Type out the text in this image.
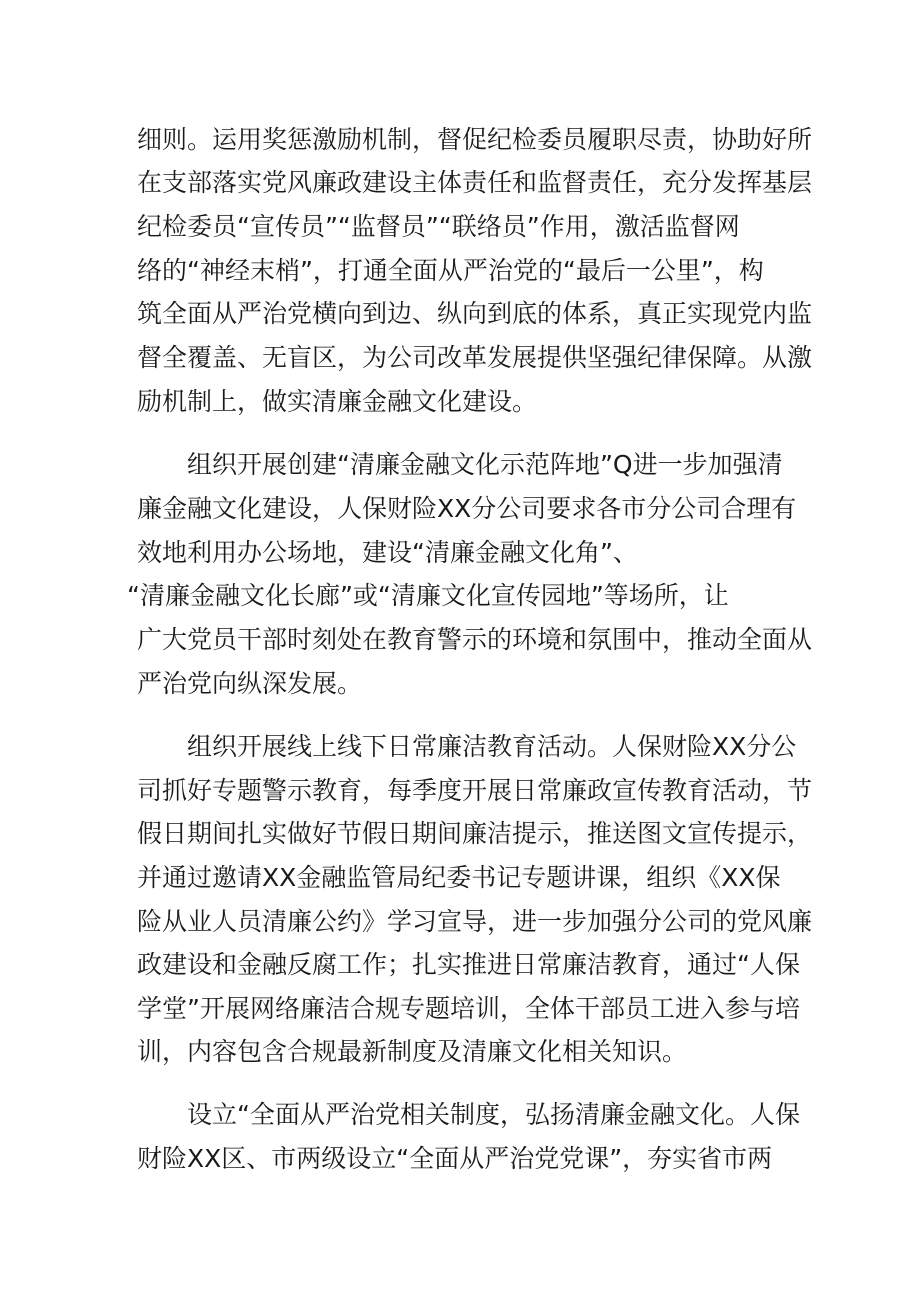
细则。运用奖惩激励机制，督促纪检委员履职尽责，协助好所
在支部落实党风廉政建设主体责任和监督责任，充分发挥基层
纪检委员“宣传员”“监督员”“联络员”作用，激活监督网
络的“神经末梢”，打通全面从严治党的“最后一公里”，构
筑全面从严治党横向到边、纵向到底的体系，真正实现党内监
督全覆盖、无盲区，为公司改革发展提供坚强纪律保障。从激
励机制上，做实清廉金融文化建设。
组织开展创建“清廉金融文化示范阵地”Q进一步加强清
廉金融文化建设，人保财险XX分公司要求各市分公司合理有
效地利用办公场地，建设“清廉金融文化角”、
“清廉金融文化长廊”或“清廉文化宣传园地”等场所，让
广大党员干部时刻处在教育警示的环境和氛围中，推动全面从
严治党向纵深发展。
组织开展线上线下日常廉洁教育活动。人保财险XX分公
司抓好专题警示教育，每季度开展日常廉政宣传教育活动，节
假日期间扎实做好节假日期间廉洁提示，推送图文宣传提示，
并通过邀请XX金融监管局纪委书记专题讲课，组织《XX保
险从业人员清廉公约》学习宣导，进一步加强分公司的党风廉
政建设和金融反腐工作；扎实推进日常廉洁教育，通过“人保
学堂”开展网络廉洁合规专题培训，全体干部员工进入参与培
训，内容包含合规最新制度及清廉文化相关知识。
设立“全面从严治党相关制度，弘扬清廉金融文化。人保
财险XX区、市两级设立“全面从严治党党课”，夯实省市两
